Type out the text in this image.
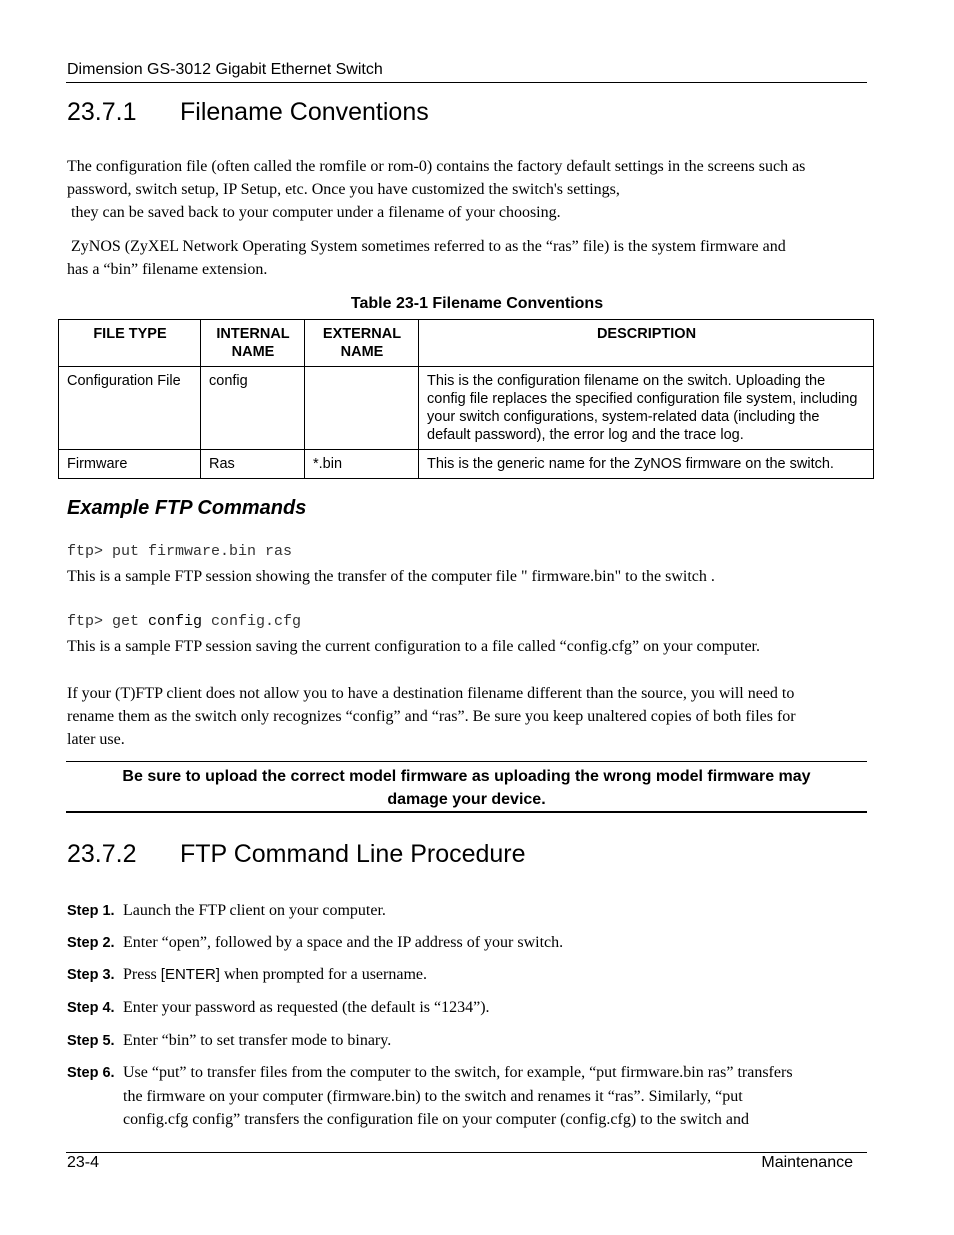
Dimension GS-3012 Gigabit Ethernet Switch
23.7.1 Filename Conventions
The configuration file (often called the romfile or rom-0) contains the factory default settings in the screens such as
password, switch setup, IP Setup, etc. Once you have customized the switch's settings,
they can be saved back to your computer under a filename of your choosing.
ZyNOS (ZyXEL Network Operating System sometimes referred to as the “ras” file) is the system firmware and
has a “bin” filename extension.
Table 23-1 Filename Conventions
FILE TYPE	INTERNAL NAME	EXTERNAL NAME	DESCRIPTION
Configuration File	config		This is the configuration filename on the switch. Uploading the config file replaces the specified configuration file system, including your switch configurations, system-related data (including the default password), the error log and the trace log.
Firmware	Ras	*.bin	This is the generic name for the ZyNOS firmware on the switch.
Example FTP Commands
ftp> put firmware.bin ras
This is a sample FTP session showing the transfer of the computer file " firmware.bin" to the switch .
ftp> get config config.cfg
This is a sample FTP session saving the current configuration to a file called “config.cfg” on your computer.
If your (T)FTP client does not allow you to have a destination filename different than the source, you will need to
rename them as the switch only recognizes “config” and “ras”. Be sure you keep unaltered copies of both files for
later use.
Be sure to upload the correct model firmware as uploading the wrong model firmware may
damage your device.
23.7.2 FTP Command Line Procedure
Step 1. Launch the FTP client on your computer.
Step 2. Enter “open”, followed by a space and the IP address of your switch.
Step 3. Press [ENTER] when prompted for a username.
Step 4. Enter your password as requested (the default is “1234”).
Step 5. Enter “bin” to set transfer mode to binary.
Step 6. Use “put” to transfer files from the computer to the switch, for example, “put firmware.bin ras” transfers
the firmware on your computer (firmware.bin) to the switch and renames it “ras”. Similarly, “put
config.cfg config” transfers the configuration file on your computer (config.cfg) to the switch and
23-4	Maintenance
